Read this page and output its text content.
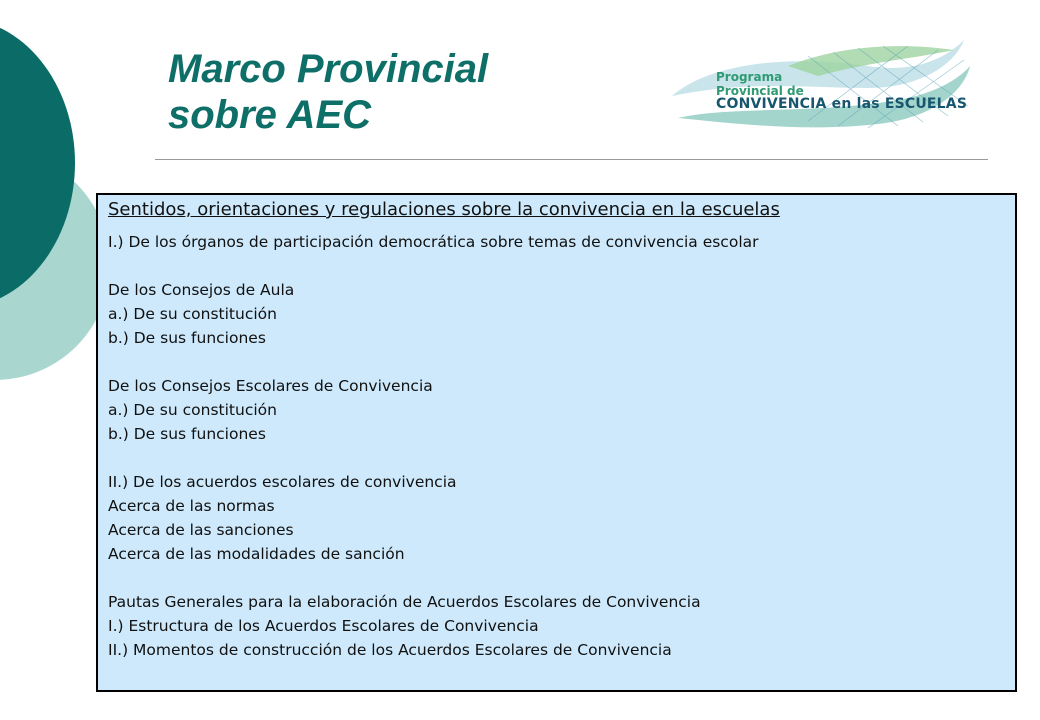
Marco Provincial
sobre AEC
Programa
Provincial de
CONVIVENCIA en las ESCUELAS
Sentidos, orientaciones y regulaciones sobre la convivencia en la escuelas
I.) De los órganos de participación democrática sobre temas de convivencia escolar
De los Consejos de Aula
a.) De su constitución
b.) De sus funciones
De los Consejos Escolares de Convivencia
a.) De su constitución
b.) De sus funciones
II.) De los acuerdos escolares de convivencia
Acerca de las normas
Acerca de las sanciones
Acerca de las modalidades de sanción
Pautas Generales para la elaboración de Acuerdos Escolares de Convivencia
I.) Estructura de los Acuerdos Escolares de Convivencia
II.) Momentos de construcción de los Acuerdos Escolares de Convivencia
